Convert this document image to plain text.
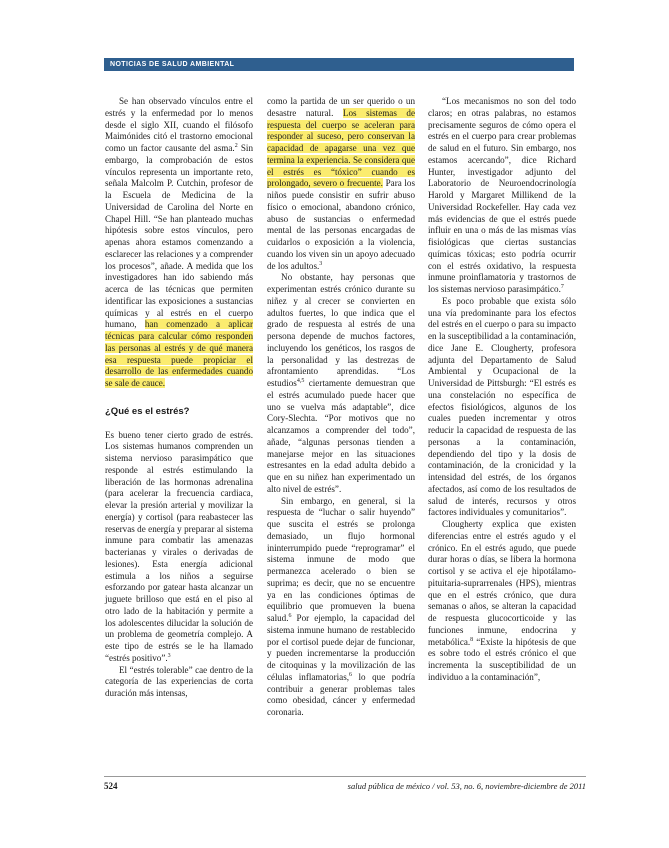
NOTICIAS DE SALUD AMBIENTAL

Se han observado vínculos entre el estrés y la enfermedad por lo menos desde el siglo XII, cuando el filósofo Maimónides citó el trastorno emocional como un factor causante del asma.$^2$ Sin embargo, la comprobación de estos vínculos representa un importante reto, señala Malcolm P. Cutchin, profesor de la Escuela de Medicina de la Universidad de Carolina del Norte en Chapel Hill. “Se han planteado muchas hipótesis sobre estos vínculos, pero apenas ahora estamos comenzando a esclarecer las relaciones y a comprender los procesos”, añade. A medida que los investigadores han ido sabiendo más acerca de las técnicas que permiten identificar las exposiciones a sustancias químicas y al estrés en el cuerpo humano, han comenzado a aplicar técnicas para calcular cómo responden las personas al estrés y de qué manera esa respuesta puede propiciar el desarrollo de las enfermedades cuando se sale de cauce.

¿Qué es el estrés?

Es bueno tener cierto grado de estrés. Los sistemas humanos comprenden un sistema nervioso parasimpático que responde al estrés estimulando la liberación de las hormonas adrenalina (para acelerar la frecuencia cardiaca, elevar la presión arterial y movilizar la energía) y cortisol (para reabastecer las reservas de energía y preparar al sistema inmune para combatir las amenazas bacterianas y virales o derivadas de lesiones). Esta energía adicional estimula a los niños a seguirse esforzando por gatear hasta alcanzar un juguete brilloso que está en el piso al otro lado de la habitación y permite a los adolescentes dilucidar la solución de un problema de geometría complejo. A este tipo de estrés se le ha llamado “estrés positivo”.$^3$

El “estrés tolerable” cae dentro de la categoría de las experiencias de corta duración más intensas,

como la partida de un ser querido o un desastre natural. Los sistemas de respuesta del cuerpo se aceleran para responder al suceso, pero conservan la capacidad de apagarse una vez que termina la experiencia. Se considera que el estrés es “tóxico” cuando es prolongado, severo o frecuente. Para los niños puede consistir en sufrir abuso físico o emocional, abandono crónico, abuso de sustancias o enfermedad mental de las personas encargadas de cuidarlos o exposición a la violencia, cuando los viven sin un apoyo adecuado de los adultos.$^3$

No obstante, hay personas que experimentan estrés crónico durante su niñez y al crecer se convierten en adultos fuertes, lo que indica que el grado de respuesta al estrés de una persona depende de muchos factores, incluyendo los genéticos, los rasgos de la personalidad y las destrezas de afrontamiento aprendidas. “Los estudios$^{4,5}$ ciertamente demuestran que el estrés acumulado puede hacer que uno se vuelva más adaptable”, dice Cory-Slechta. “Por motivos que no alcanzamos a comprender del todo”, añade, “algunas personas tienden a manejarse mejor en las situaciones estresantes en la edad adulta debido a que en su niñez han experimentado un alto nivel de estrés”.

Sin embargo, en general, si la respuesta de “luchar o salir huyendo” que suscita el estrés se prolonga demasiado, un flujo hormonal ininterrumpido puede “reprogramar” el sistema inmune de modo que permanezca acelerado o bien se suprima; es decir, que no se encuentre ya en las condiciones óptimas de equilibrio que promueven la buena salud.$^6$ Por ejemplo, la capacidad del sistema inmune humano de restablecido por el cortisol puede dejar de funcionar, y pueden incrementarse la producción de citoquinas y la movilización de las células inflamatorias,$^6$ lo que podría contribuir a generar problemas tales como obesidad, cáncer y enfermedad coronaria.

“Los mecanismos no son del todo claros; en otras palabras, no estamos precisamente seguros de cómo opera el estrés en el cuerpo para crear problemas de salud en el futuro. Sin embargo, nos estamos acercando”, dice Richard Hunter, investigador adjunto del Laboratorio de Neuroendocrinología Harold y Margaret Millikend de la Universidad Rockefeller. Hay cada vez más evidencias de que el estrés puede influir en una o más de las mismas vías fisiológicas que ciertas sustancias químicas tóxicas; esto podría ocurrir con el estrés oxidativo, la respuesta inmune proinflamatoria y trastornos de los sistemas nervioso parasimpático.$^7$

Es poco probable que exista sólo una vía predominante para los efectos del estrés en el cuerpo o para su impacto en la susceptibilidad a la contaminación, dice Jane E. Clougherty, profesora adjunta del Departamento de Salud Ambiental y Ocupacional de la Universidad de Pittsburgh: “El estrés es una constelación no específica de efectos fisiológicos, algunos de los cuales pueden incrementar y otros reducir la capacidad de respuesta de las personas a la contaminación, dependiendo del tipo y la dosis de contaminación, de la cronicidad y la intensidad del estrés, de los órganos afectados, así como de los resultados de salud de interés, recursos y otros factores individuales y comunitarios”.

Clougherty explica que existen diferencias entre el estrés agudo y el crónico. En el estrés agudo, que puede durar horas o días, se libera la hormona cortisol y se activa el eje hipotálamo-pituitaria-suprarrenales (HPS), mientras que en el estrés crónico, que dura semanas o años, se alteran la capacidad de respuesta glucocorticoide y las funciones inmune, endocrina y metabólica.$^8$ “Existe la hipótesis de que es sobre todo el estrés crónico el que incrementa la susceptibilidad de un individuo a la contaminación”,

524	salud pública de méxico / vol. 53, no. 6, noviembre-diciembre de 2011
